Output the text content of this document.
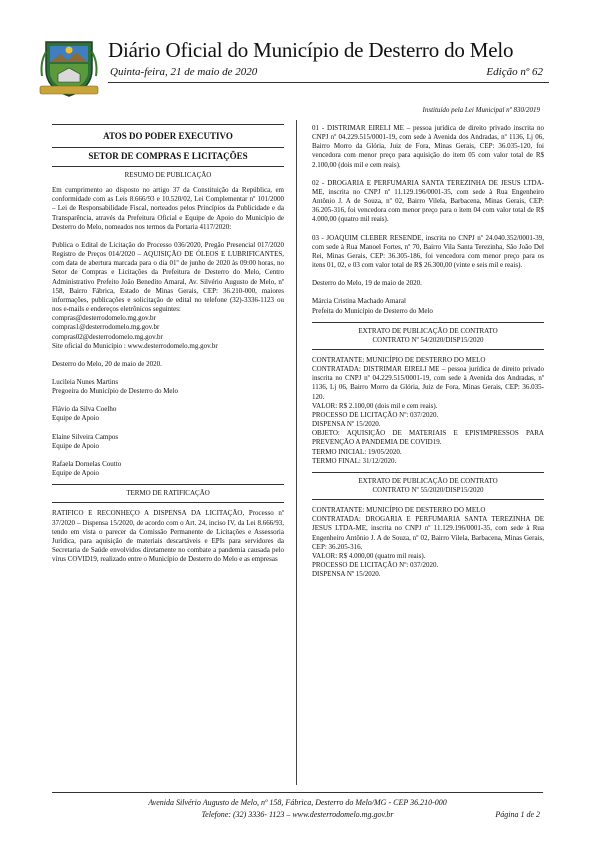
Diário Oficial do Município de Desterro do Melo
Quinta-feira, 21 de maio de 2020	Edição nº 62
Instituído pela Lei Municipal nº 830/2019
ATOS DO PODER EXECUTIVO
SETOR DE COMPRAS E LICITAÇÕES
RESUMO DE PUBLICAÇÃO

Em cumprimento ao disposto no artigo 37 da Constituição da República, em conformidade com as Leis 8.666/93 e 10.520/02, Lei Complementar nº 101/2000 – Lei de Responsabilidade Fiscal, norteados pelos Princípios da Publicidade e da Transparência, através da Prefeitura Oficial e Equipe de Apoio do Município de Desterro do Melo, nomeados nos termos da Portaria 4117/2020:

Publica o Edital de Licitação do Processo 036/2020, Pregão Presencial 017/2020 Registro de Preços 014/2020 – AQUISIÇÃO DE ÓLEOS E LUBRIFICANTES, com data de abertura marcada para o dia 01º de junho de 2020 às 09:00 horas, no Setor de Compras e Licitações da Prefeitura de Desterro do Melo, Centro Administrativo Prefeito João Benedito Amaral, Av. Silvério Augusto de Melo, nº 158, Bairro Fábrica, Estado de Minas Gerais, CEP: 36.210-000, maiores informações, publicações e solicitação de edital no telefone (32)-3336-1123 ou nos e-mails e endereços eletrônicos seguintes:

compras@desterrodomelo.mg.gov.br

compras1@desterrodomelo.mg.gov.br

compras02@desterrodomelo.mg.gov.br

Site oficial do Município : www.desterrodomelo.mg.gov.br

Desterro do Melo, 20 de maio de 2020.

Lucileia Nunes Martins

Pregoeira do Município de Desterro do Melo

Flávio da Silva Coelho

Equipe de Apoio

Elaine Silveira Campos

Equipe de Apoio

Rafaela Dornelas Coutto

Equipe de Apoio

TERMO DE RATIFICAÇÃO

RATIFICO E RECONHEÇO A DISPENSA DA LICITAÇÃO, Processo nº 37/2020 – Dispensa 15/2020, de acordo com o Art. 24, inciso IV, da Lei 8.666/93, tendo em vista o parecer da Comissão Permanente de Licitações e Assessoria Jurídica, para aquisição de materiais descartáveis e EPIs para servidores da Secretaria de Saúde envolvidos diretamente no combate a pandemia causada pelo vírus COVID19, realizado entre o Município de Desterro do Melo e as empresas

01 - DISTRIMAR EIRELI ME – pessoa jurídica de direito privado inscrita no CNPJ nº 04.229.515/0001-19, com sede à Avenida dos Andradas, nº 1136, Lj 06, Bairro Morro da Glória, Juiz de Fora, Minas Gerais, CEP: 36.035-120, foi vencedora com menor preço para aquisição do item 05 com valor total de R$ 2.100,00 (dois mil e cem reais).

02 - DROGARIA E PERFUMARIA SANTA TEREZINHA DE JESUS LTDA-ME, inscrita no CNPJ nº 11.129.196/0001-35, com sede à Rua Engenheiro Antônio J. A de Souza, nº 02, Bairro Vilela, Barbacena, Minas Gerais, CEP: 36.205-316, foi vencedora com menor preço para o item 04 com valor total de R$ 4.000,00 (quatro mil reais).

03 - JOAQUIM CLEBER RESENDE, inscrita no CNPJ nº 24.040.352/0001-39, com sede à Rua Manoel Fortes, nº 70, Bairro Vila Santa Terezinha, São João Del Rei, Minas Gerais, CEP: 36.305-186, foi vencedora com menor preço para os itens 01, 02, e 03 com valor total de R$ 26.300,00 (vinte e seis mil e reais).

Desterro do Melo, 19 de maio de 2020.

Márcia Cristina Machado Amaral

Prefeita do Município de Desterro do Melo

EXTRATO DE PUBLICAÇÃO DE CONTRATO
CONTRATO Nº 54/2020/DISP15/2020

CONTRATANTE: MUNICÍPIO DE DESTERRO DO MELO

CONTRATADA: DISTRIMAR EIRELI ME – pessoa jurídica de direito privado inscrita no CNPJ nº 04.229.515/0001-19, com sede à Avenida dos Andradas, nº 1136, Lj 06, Bairro Morro da Glória, Juiz de Fora, Minas Gerais, CEP: 36.035-120.

VALOR: R$ 2.100,00 (dois mil e cem reais).

PROCESSO DE LICITAÇÃO Nº: 037/2020.

DISPENSA Nº 15/2020.

OBJETO: AQUISIÇÃO DE MATERIAIS E EPIS'IMPRESSOS PARA PREVENÇÃO A PANDEMIA DE COVID19.

TERMO INICIAL: 19/05/2020.

TERMO FINAL: 31/12/2020.

EXTRATO DE PUBLICAÇÃO DE CONTRATO
CONTRATO Nº 55/2020/DISP15/2020

CONTRATANTE: MUNICÍPIO DE DESTERRO DO MELO

CONTRATADA: DROGARIA E PERFUMARIA SANTA TEREZINHA DE JESUS LTDA-ME, inscrita no CNPJ nº 11.129.196/0001-35, com sede à Rua Engenheiro Antônio J. A de Souza, nº 02, Bairro Vilela, Barbacena, Minas Gerais, CEP: 36.205-316.

VALOR: R$ 4.000,00 (quatro mil reais).

PROCESSO DE LICITAÇÃO Nº: 037/2020.

DISPENSA Nº 15/2020.

Avenida Silvério Augusto de Melo, nº 158, Fábrica, Desterro do Melo/MG - CEP 36.210-000
Telefone: (32) 3336- 1123 – www.desterrodomelo.mg.gov.br	Página 1 de 2
